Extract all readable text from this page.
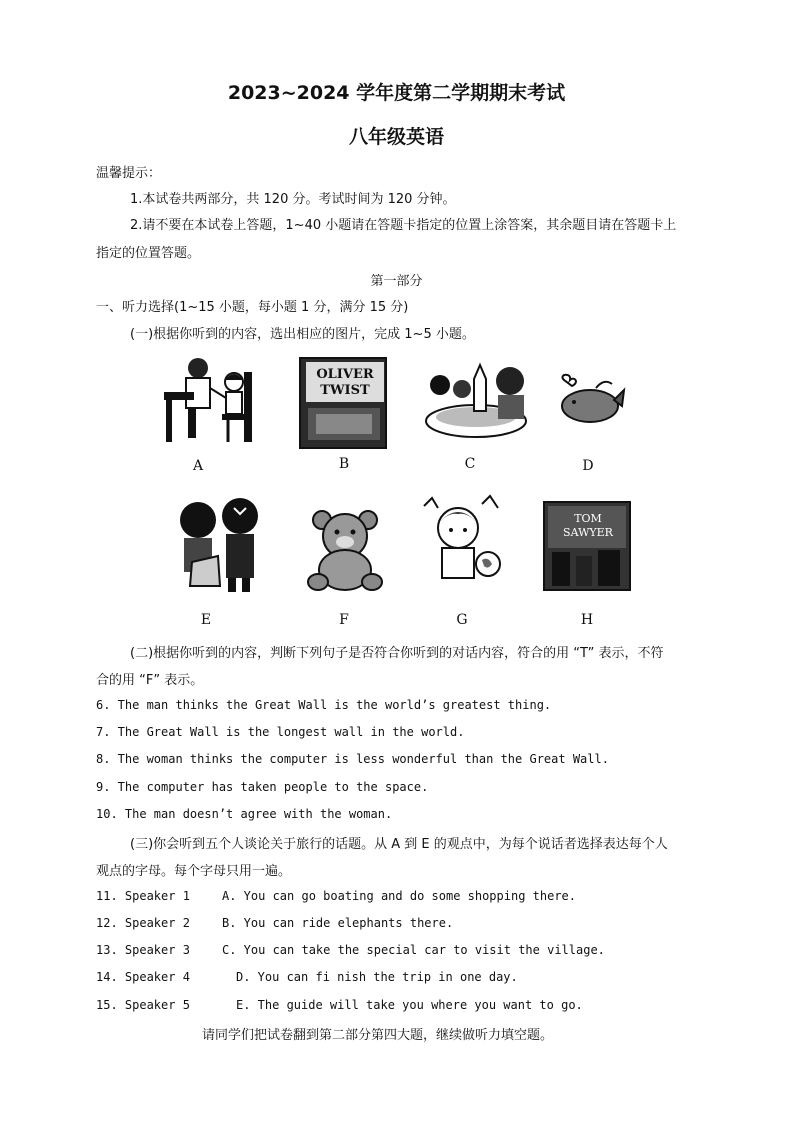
2023~2024 学年度第二学期期末考试
八年级英语
温馨提示：
1.本试卷共两部分，共 120 分。考试时间为 120 分钟。
2.请不要在本试卷上答题，1~40 小题请在答题卡指定的位置上涂答案，其余题目请在答题卡上
指定的位置答题。
第一部分
一、听力选择(1~15 小题，每小题 1 分，满分 15 分)
(一)根据你听到的内容，选出相应的图片，完成 1~5 小题。
A
OLIVER
TWIST
B	C	D
E	F	G
TOM
SAWYER
H
(二)根据你听到的内容，判断下列句子是否符合你听到的对话内容，符合的用 “T” 表示，不符
合的用 “F” 表示。
6. The man thinks the Great Wall is the world’s greatest thing.
7. The Great Wall is the longest wall in the world.
8. The woman thinks the computer is less wonderful than the Great Wall.
9. The computer has taken people to the space.
10. The man doesn’t agree with the woman.
(三)你会听到五个人谈论关于旅行的话题。从 A 到 E 的观点中，为每个说话者选择表达每个人
观点的字母。每个字母只用一遍。
11. Speaker 1	A. You can go boating and do some shopping there.
12. Speaker 2	B. You can ride elephants there.
13. Speaker 3	C. You can take the special car to visit the village.
14. Speaker 4	D. You can fi nish the trip in one day.
15. Speaker 5	E. The guide will take you where you want to go.
请同学们把试卷翻到第二部分第四大题，继续做听力填空题。
